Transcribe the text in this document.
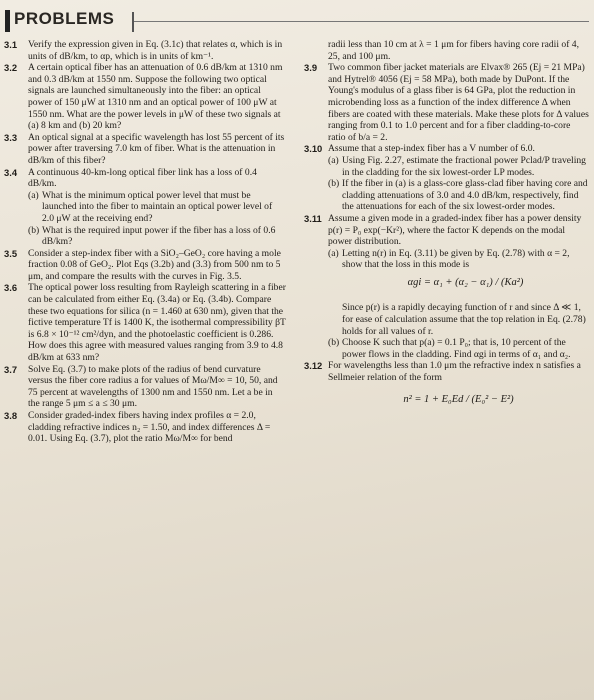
PROBLEMS
3.1 Verify the expression given in Eq. (3.1c) that relates α, which is in units of dB/km, to αp, which is in units of km⁻¹.
3.2 A certain optical fiber has an attenuation of 0.6 dB/km at 1310 nm and 0.3 dB/km at 1550 nm. Suppose the following two optical signals are launched simultaneously into the fiber: an optical power of 150 μW at 1310 nm and an optical power of 100 μW at 1550 nm. What are the power levels in μW of these two signals at (a) 8 km and (b) 20 km?
3.3 An optical signal at a specific wavelength has lost 55 percent of its power after traversing 7.0 km of fiber. What is the attenuation in dB/km of this fiber?
3.4 A continuous 40-km-long optical fiber link has a loss of 0.4 dB/km.
(a) What is the minimum optical power level that must be launched into the fiber to maintain an optical power level of 2.0 μW at the receiving end?
(b) What is the required input power if the fiber has a loss of 0.6 dB/km?
3.5 Consider a step-index fiber with a SiO₂–GeO₂ core having a mole fraction 0.08 of GeO₂. Plot Eqs (3.2b) and (3.3) from 500 nm to 5 μm, and compare the results with the curves in Fig. 3.5.
3.6 The optical power loss resulting from Rayleigh scattering in a fiber can be calculated from either Eq. (3.4a) or Eq. (3.4b). Compare these two equations for silica (n = 1.460 at 630 nm), given that the fictive temperature Tf is 1400 K, the isothermal compressibility βT is 6.8 × 10⁻¹² cm²/dyn, and the photoelastic coefficient is 0.286. How does this agree with measured values ranging from 3.9 to 4.8 dB/km at 633 nm?
3.7 Solve Eq. (3.7) to make plots of the radius of bend curvature versus the fiber core radius a for values of Mω/M∞ = 10, 50, and 75 percent at wavelengths of 1300 nm and 1550 nm. Let a be in the range 5 μm ≤ a ≤ 30 μm.
3.8 Consider graded-index fibers having index profiles α = 2.0, cladding refractive indices n₂ = 1.50, and index differences Δ = 0.01. Using Eq. (3.7), plot the ratio Mω/M∞ for bend
radii less than 10 cm at λ = 1 μm for fibers having core radii of 4, 25, and 100 μm.
3.9 Two common fiber jacket materials are Elvax® 265 (Ej = 21 MPa) and Hytrel® 4056 (Ej = 58 MPa), both made by DuPont. If the Young's modulus of a glass fiber is 64 GPa, plot the reduction in microbending loss as a function of the index difference Δ when fibers are coated with these materials. Make these plots for Δ values ranging from 0.1 to 1.0 percent and for a fiber cladding-to-core ratio of b/a = 2.
3.10 Assume that a step-index fiber has a V number of 6.0.
(a) Using Fig. 2.27, estimate the fractional power Pclad/P traveling in the cladding for the six lowest-order LP modes.
(b) If the fiber in (a) is a glass-core glass-clad fiber having core and cladding attenuations of 3.0 and 4.0 dB/km, respectively, find the attenuations for each of the six lowest-order modes.
3.11 Assume a given mode in a graded-index fiber has a power density p(r) = P₀ exp(−Kr²), where the factor K depends on the modal power distribution.
(a) Letting n(r) in Eq. (3.11) be given by Eq. (2.78) with α = 2, show that the loss in this mode is
αgi = α₁ + (α₂ − α₁) / (Ka²)
Since p(r) is a rapidly decaying function of r and since Δ ≪ 1, for ease of calculation assume that the top relation in Eq. (2.78) holds for all values of r.
(b) Choose K such that p(a) = 0.1 P₀; that is, 10 percent of the power flows in the cladding. Find αgi in terms of α₁ and α₂.
3.12 For wavelengths less than 1.0 μm the refractive index n satisfies a Sellmeier relation of the form
n² = 1 + E₀Ed / (E₀² − E²)
